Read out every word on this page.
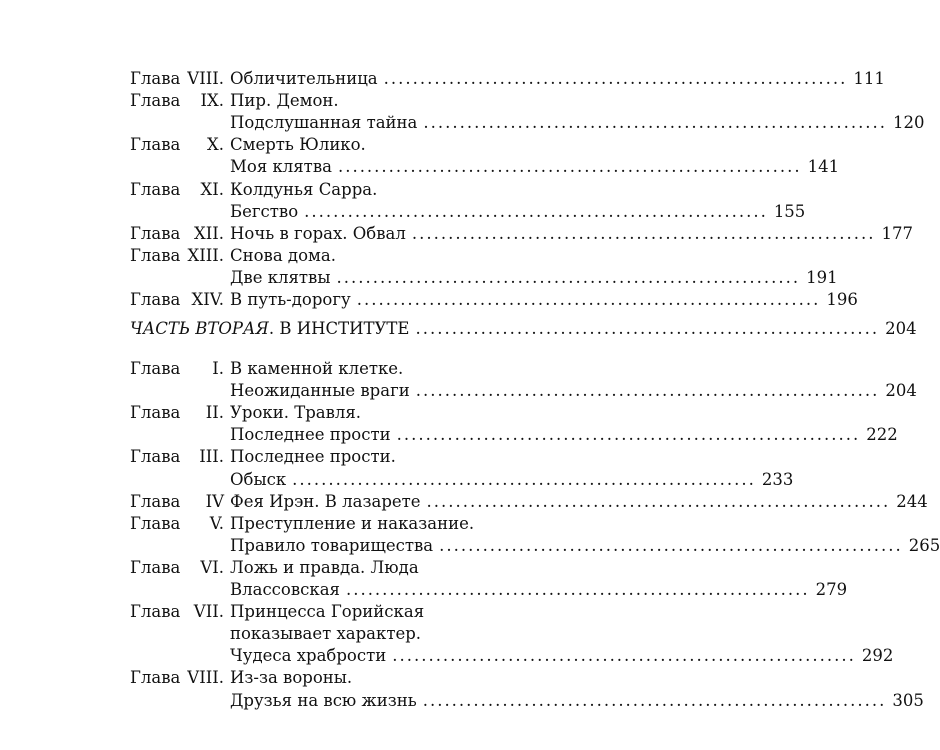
ЧАСТЬ ВТОРАЯ . В ИНСТИТУТЕ ................................................................ 204
Глава VIII. Обличительница ................................................................ 111
Глава IX. Пир. Демон.
Подслушанная тайна ................................................................ 120
Глава X. Смерть Юлико.
Моя клятва ................................................................ 141
Глава XI. Колдунья Сарра.
Бегство ................................................................ 155
Глава XII. Ночь в горах. Обвал ................................................................ 177
Глава XIII. Снова дома.
Две клятвы ................................................................ 191
Глава XIV. В путь-дорогу ................................................................ 196
Глава I. В каменной клетке.
Неожиданные враги ................................................................ 204
Глава II. Уроки. Травля.
Последнее прости ................................................................ 222
Глава III. Последнее прости.
Обыск ................................................................ 233
Глава IV Фея Ирэн. В лазарете ................................................................ 244
Глава V. Преступление и наказание.
Правило товарищества ................................................................ 265
Глава VI. Ложь и правда. Люда
Влассовская ................................................................ 279
Глава VII. Принцесса Горийская
показывает характер.
Чудеса храбрости ................................................................ 292
Глава VIII. Из-за вороны.
Друзья на всю жизнь ................................................................ 305
